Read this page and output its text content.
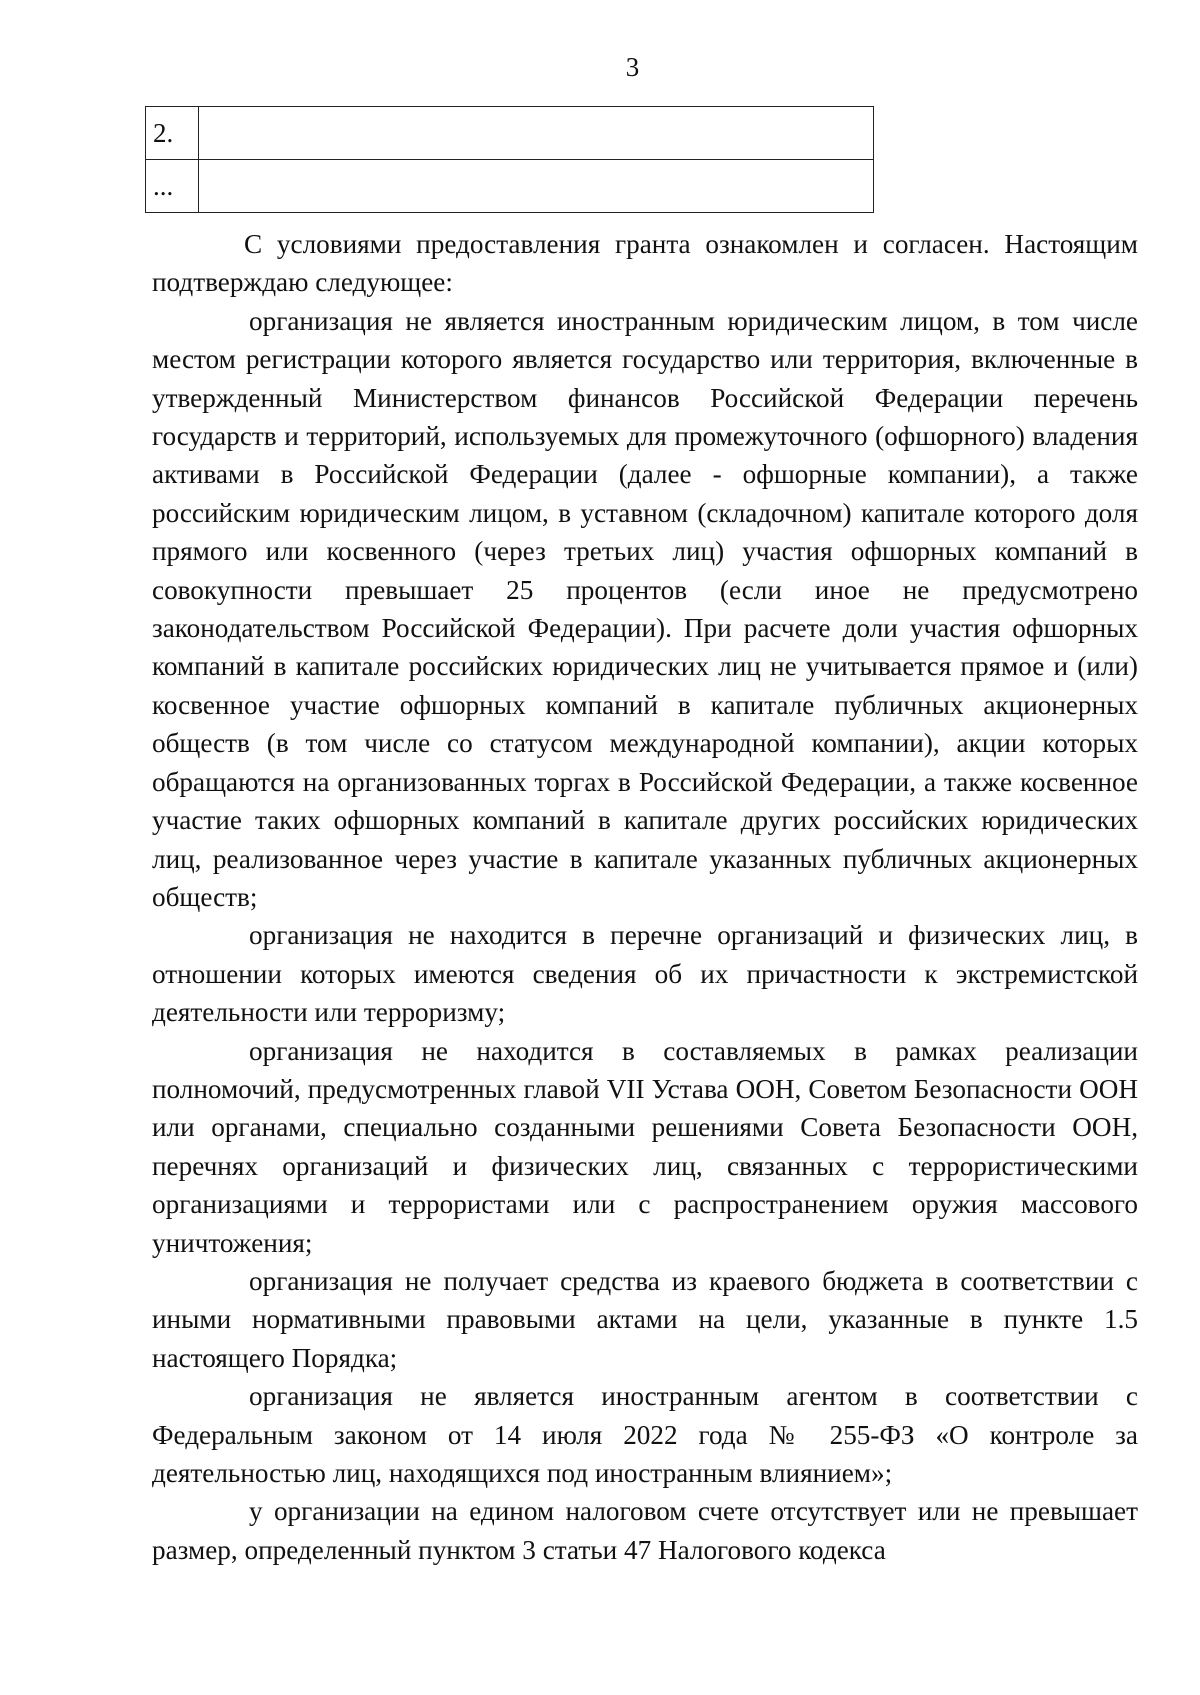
3
2.	
...	

С условиями предоставления гранта ознакомлен и согласен. Настоящим подтверждаю следующее:

организация не является иностранным юридическим лицом, в том числе местом регистрации которого является государство или территория, включенные в утвержденный Министерством финансов Российской Федерации перечень государств и территорий, используемых для промежуточного (офшорного) владения активами в Российской Федерации (далее - офшорные компании), а также российским юридическим лицом, в уставном (складочном) капитале которого доля прямого или косвенного (через третьих лиц) участия офшорных компаний в совокупности превышает 25 процентов (если иное не предусмотрено законодательством Российской Федерации). При расчете доли участия офшорных компаний в капитале российских юридических лиц не учитывается прямое и (или) косвенное участие офшорных компаний в капитале публичных акционерных обществ (в том числе со статусом международной компании), акции которых обращаются на организованных торгах в Российской Федерации, а также косвенное участие таких офшорных компаний в капитале других российских юридических лиц, реализованное через участие в капитале указанных публичных акционерных обществ;

организация не находится в перечне организаций и физических лиц, в отношении которых имеются сведения об их причастности к экстремистской деятельности или терроризму;

организация не находится в составляемых в рамках реализации полномочий, предусмотренных главой VII Устава ООН, Советом Безопасности ООН или органами, специально созданными решениями Совета Безопасности ООН, перечнях организаций и физических лиц, связанных с террористическими организациями и террористами или с распространением оружия массового уничтожения;

организация не получает средства из краевого бюджета в соответствии с иными нормативными правовыми актами на цели, указанные в пункте 1.5 настоящего Порядка;

организация не является иностранным агентом в соответствии с Федеральным законом от 14 июля 2022 года № 255-ФЗ «О контроле за деятельностью лиц, находящихся под иностранным влиянием»;

у организации на едином налоговом счете отсутствует или не превышает размер, определенный пунктом 3 статьи 47 Налогового кодекса
